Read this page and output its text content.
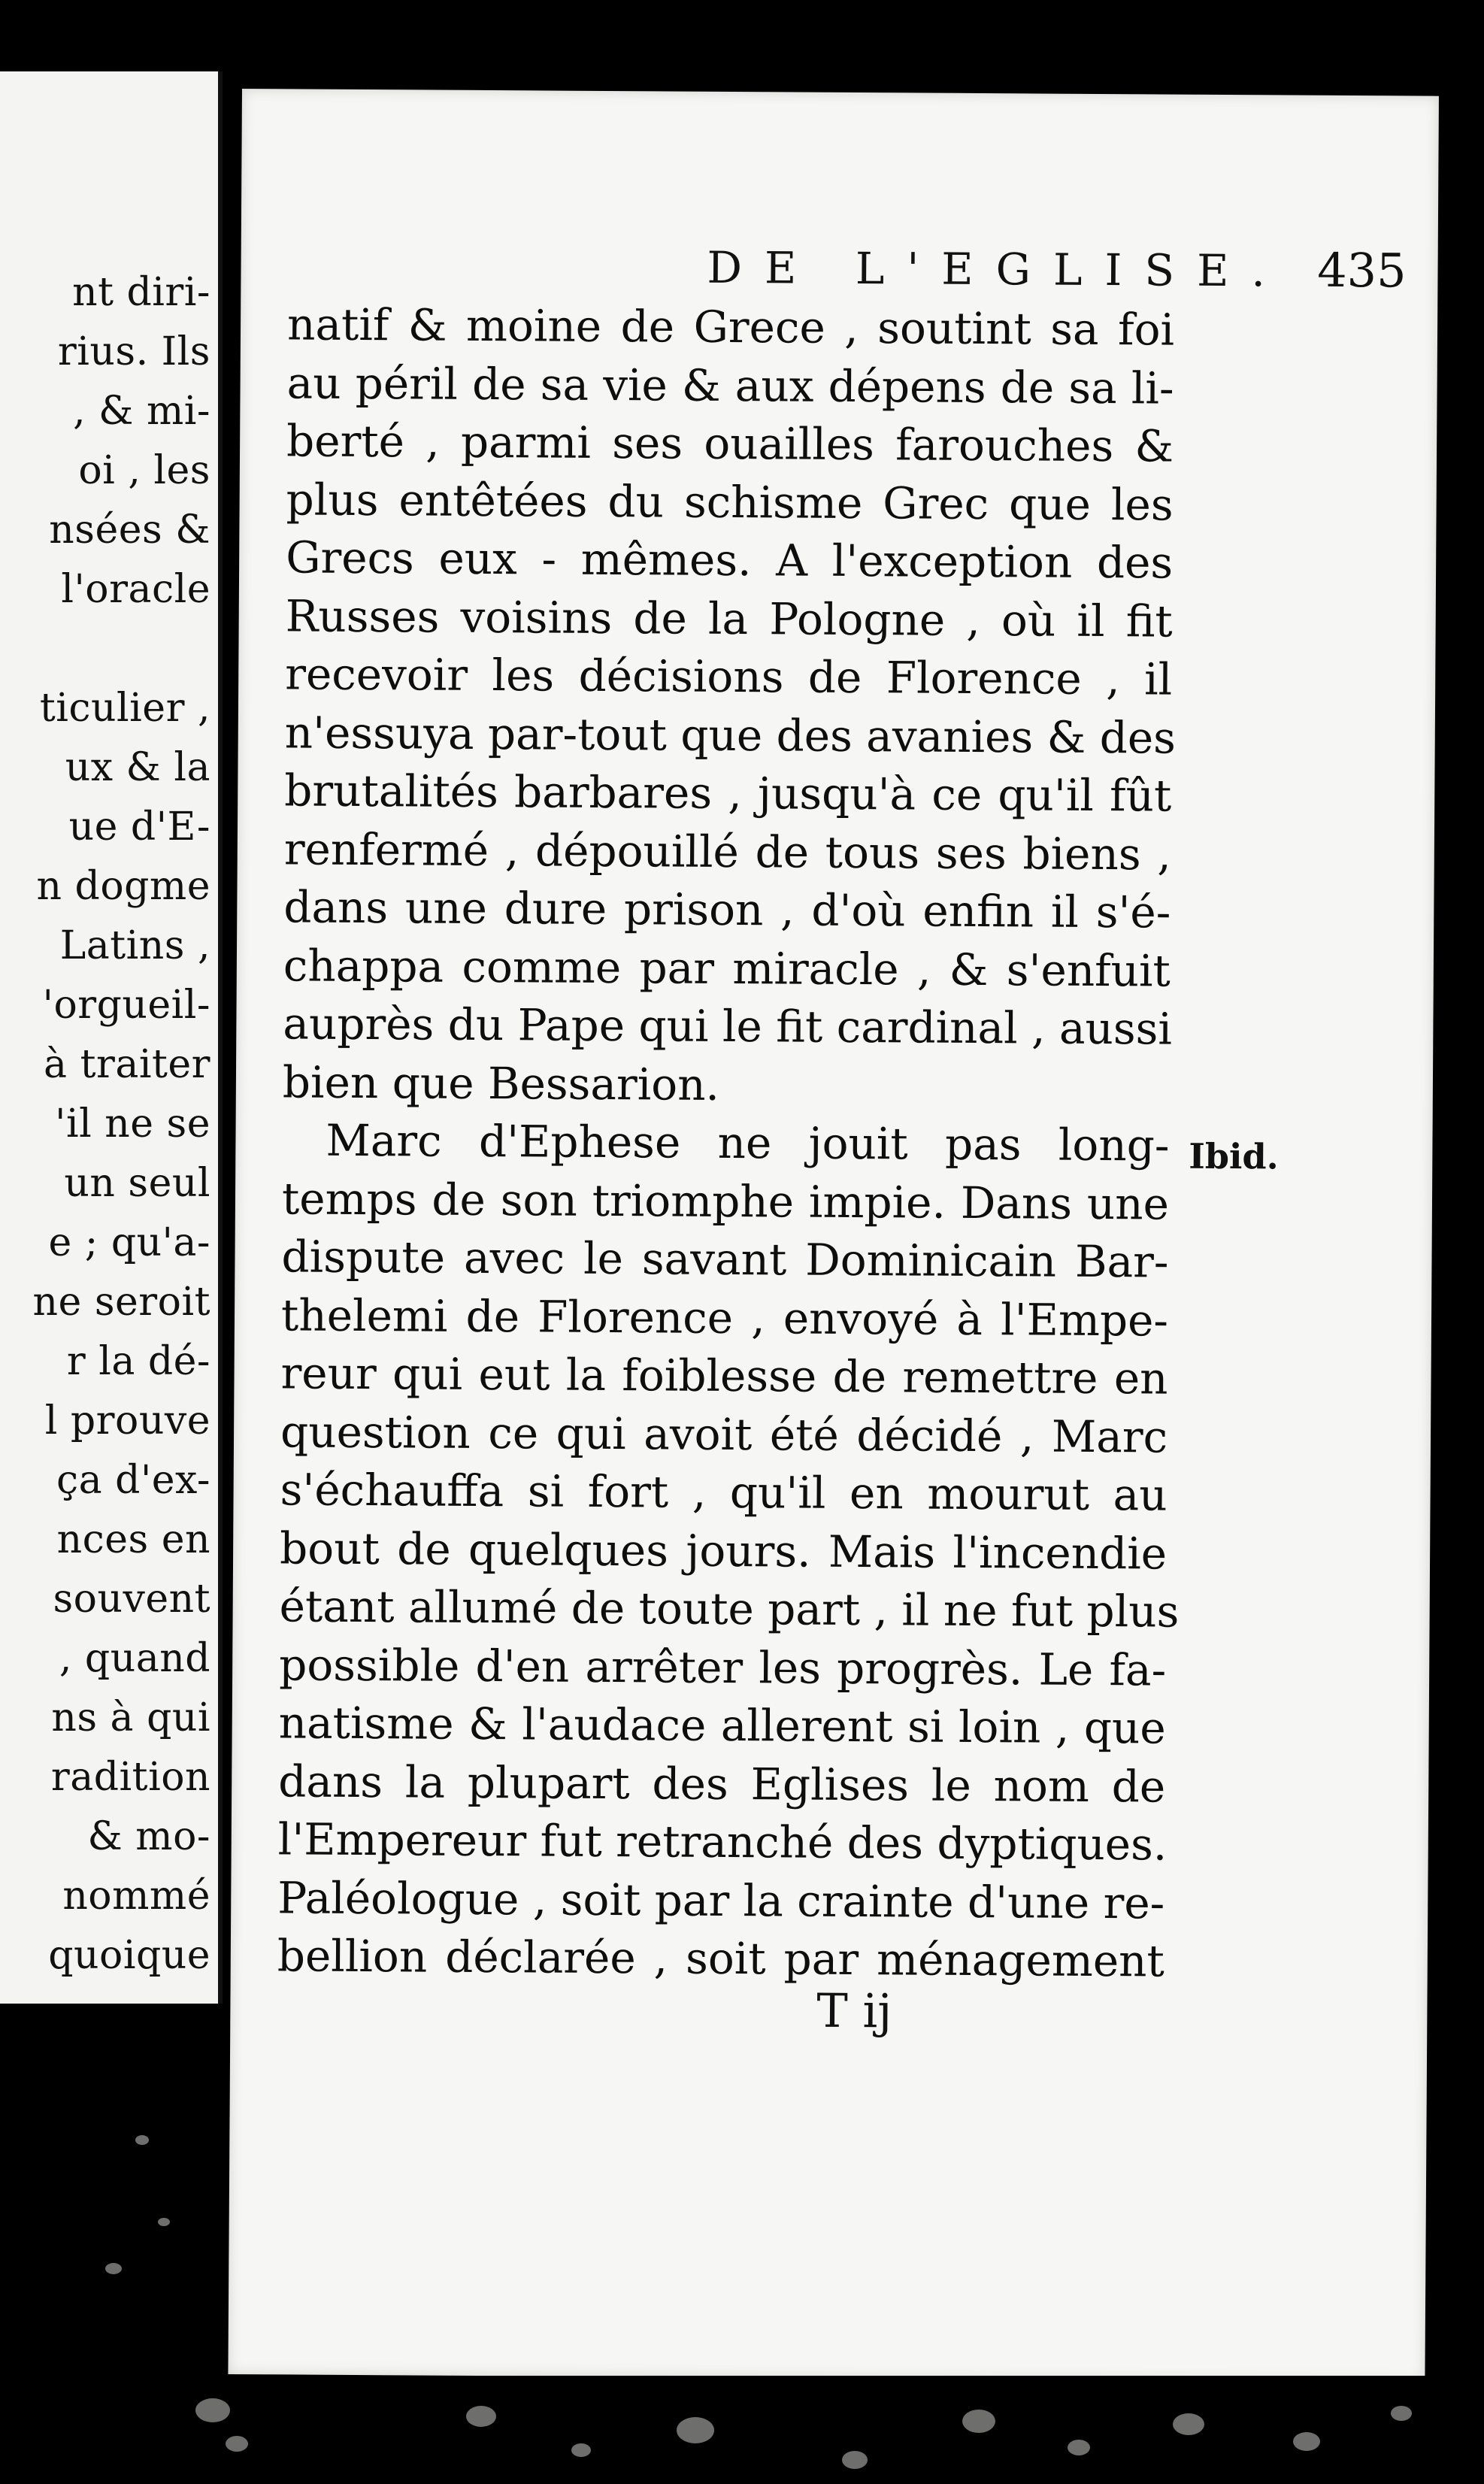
nt diri-
rius. Ils
, & mi-
oi , les
nsées &
l'oracle
ticulier ,
ux & la
ue d'E-
n dogme
Latins ,
'orgueil-
à traiter
'il ne se
un seul
e ; qu'a-
ne seroit
r la dé-
l prouve
ça d'ex-
nces en
souvent
, quand
ns à qui
radition
& mo-
nommé
quoique
DE L'EGLISE. 435
natif & moine de Grece , soutint sa foi
au péril de sa vie & aux dépens de sa li-
berté , parmi ses ouailles farouches &
plus entêtées du schisme Grec que les
Grecs eux - mêmes. A l'exception des
Russes voisins de la Pologne , où il fit
recevoir les décisions de Florence , il
n'essuya par-tout que des avanies & des
brutalités barbares , jusqu'à ce qu'il fût
renfermé , dépouillé de tous ses biens ,
dans une dure prison , d'où enfin il s'é-
chappa comme par miracle , & s'enfuit
auprès du Pape qui le fit cardinal , aussi
bien que Bessarion.
Marc d'Ephese ne jouit pas long-
temps de son triomphe impie. Dans une
dispute avec le savant Dominicain Bar-
thelemi de Florence , envoyé à l'Empe-
reur qui eut la foiblesse de remettre en
question ce qui avoit été décidé , Marc
s'échauffa si fort , qu'il en mourut au
bout de quelques jours. Mais l'incendie
étant allumé de toute part , il ne fut plus
possible d'en arrêter les progrès. Le fa-
natisme & l'audace allerent si loin , que
dans la plupart des Eglises le nom de
l'Empereur fut retranché des dyptiques.
Paléologue , soit par la crainte d'une re-
bellion déclarée , soit par ménagement
Ibid.
T ij
